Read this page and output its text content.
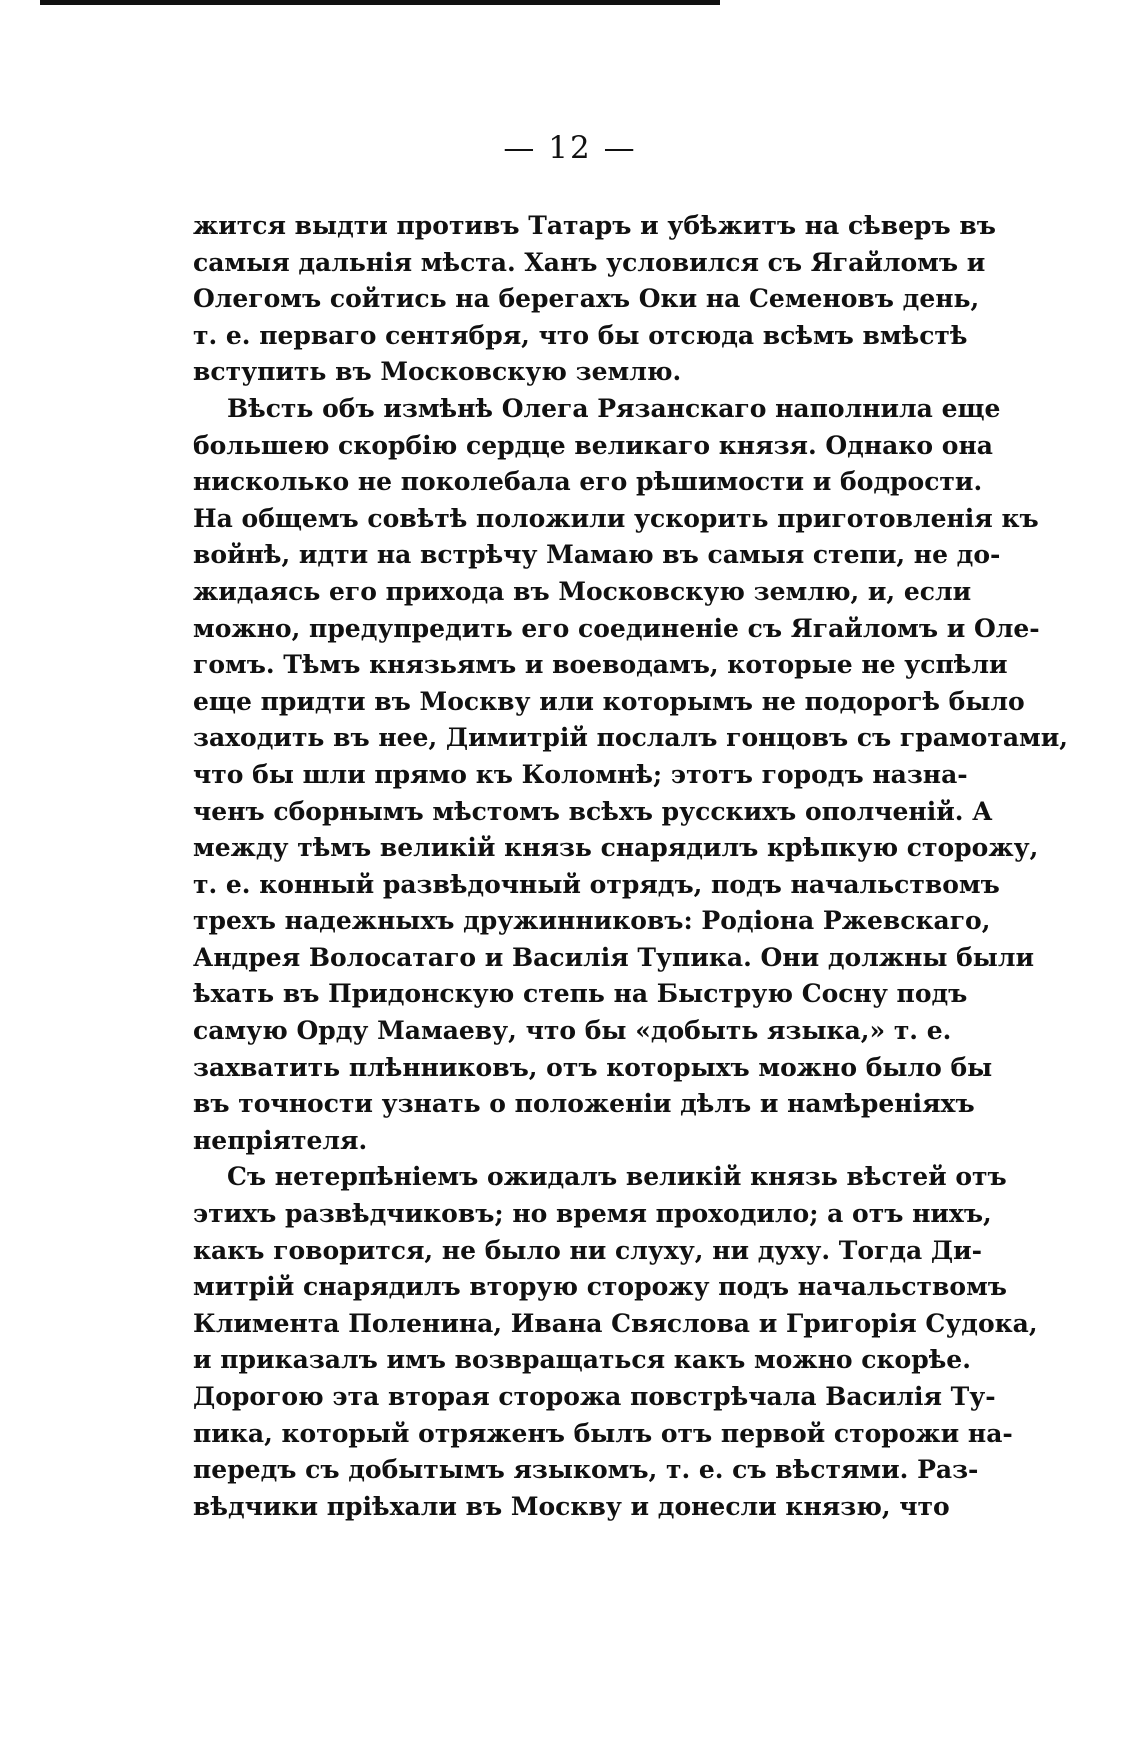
— 12 —
жится выдти противъ Татаръ и убѣжитъ на сѣверъ въ
самыя дальнія мѣста. Ханъ условился съ Ягайломъ и
Олегомъ сойтись на берегахъ Оки на Семеновъ день,
т. е. перваго сентября, что бы отсюда всѣмъ вмѣстѣ
вступить въ Московскую землю.
Вѣсть объ измѣнѣ Олега Рязанскаго наполнила еще
большею скорбію сердце великаго князя. Однако она
нисколько не поколебала его рѣшимости и бодрости.
На общемъ совѣтѣ положили ускорить приготовленія къ
войнѣ, идти на встрѣчу Мамаю въ самыя степи, не до-
жидаясь его прихода въ Московскую землю, и, если
можно, предупредить его соединеніе съ Ягайломъ и Оле-
гомъ. Тѣмъ князьямъ и воеводамъ, которые не успѣли
еще придти въ Москву или которымъ не подорогѣ было
заходить въ нее, Димитрій послалъ гонцовъ съ грамотами,
что бы шли прямо къ Коломнѣ; этотъ городъ назна-
ченъ сборнымъ мѣстомъ всѣхъ русскихъ ополченій. А
между тѣмъ великій князь снарядилъ крѣпкую сторожу,
т. е. конный развѣдочный отрядъ, подъ начальствомъ
трехъ надежныхъ дружинниковъ: Родіона Ржевскаго,
Андрея Волосатаго и Василія Тупика. Они должны были
ѣхать въ Придонскую степь на Быструю Сосну подъ
самую Орду Мамаеву, что бы «добыть языка,» т. е.
захватить плѣнниковъ, отъ которыхъ можно было бы
въ точности узнать о положеніи дѣлъ и намѣреніяхъ
непріятеля.
Съ нетерпѣніемъ ожидалъ великій князь вѣстей отъ
этихъ развѣдчиковъ; но время проходило; а отъ нихъ,
какъ говорится, не было ни слуху, ни духу. Тогда Ди-
митрій снарядилъ вторую сторожу подъ начальствомъ
Климента Поленина, Ивана Свяслова и Григорія Судока,
и приказалъ имъ возвращаться какъ можно скорѣе.
Дорогою эта вторая сторожа повстрѣчала Василія Ту-
пика, который отряженъ былъ отъ первой сторожи на-
передъ съ добытымъ языкомъ, т. е. съ вѣстями. Раз-
вѣдчики пріѣхали въ Москву и донесли князю, что
